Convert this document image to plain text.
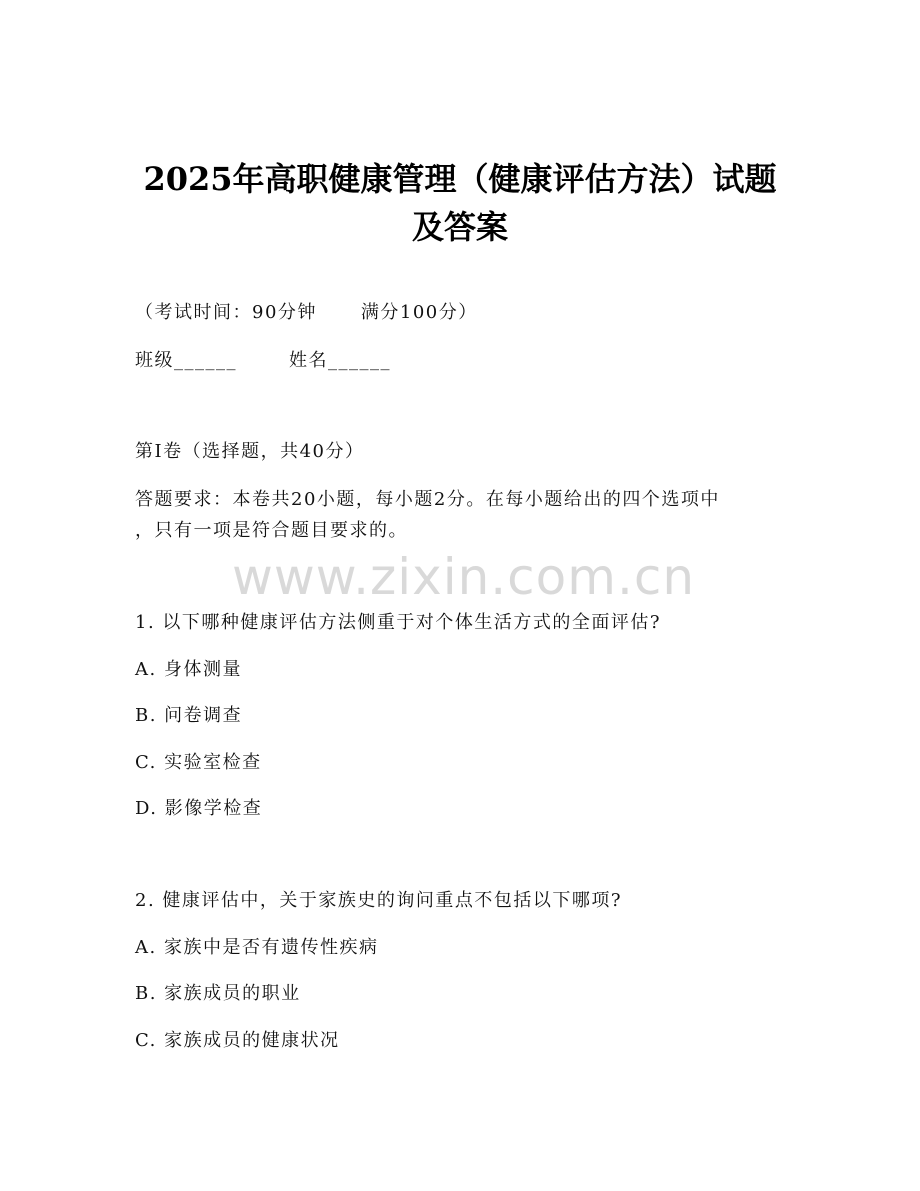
2025年高职健康管理（健康评估方法）试题
及答案
（考试时间：90分钟 满分100分）
班级______	姓名______
第I卷（选择题，共40分）
答题要求：本卷共20小题，每小题2分。在每小题给出的四个选项中
，只有一项是符合题目要求的。
www.zixin.com.cn
1. 以下哪种健康评估方法侧重于对个体生活方式的全面评估?
A. 身体测量
B. 问卷调查
C. 实验室检查
D. 影像学检查
2. 健康评估中，关于家族史的询问重点不包括以下哪项?
A. 家族中是否有遗传性疾病
B. 家族成员的职业
C. 家族成员的健康状况
